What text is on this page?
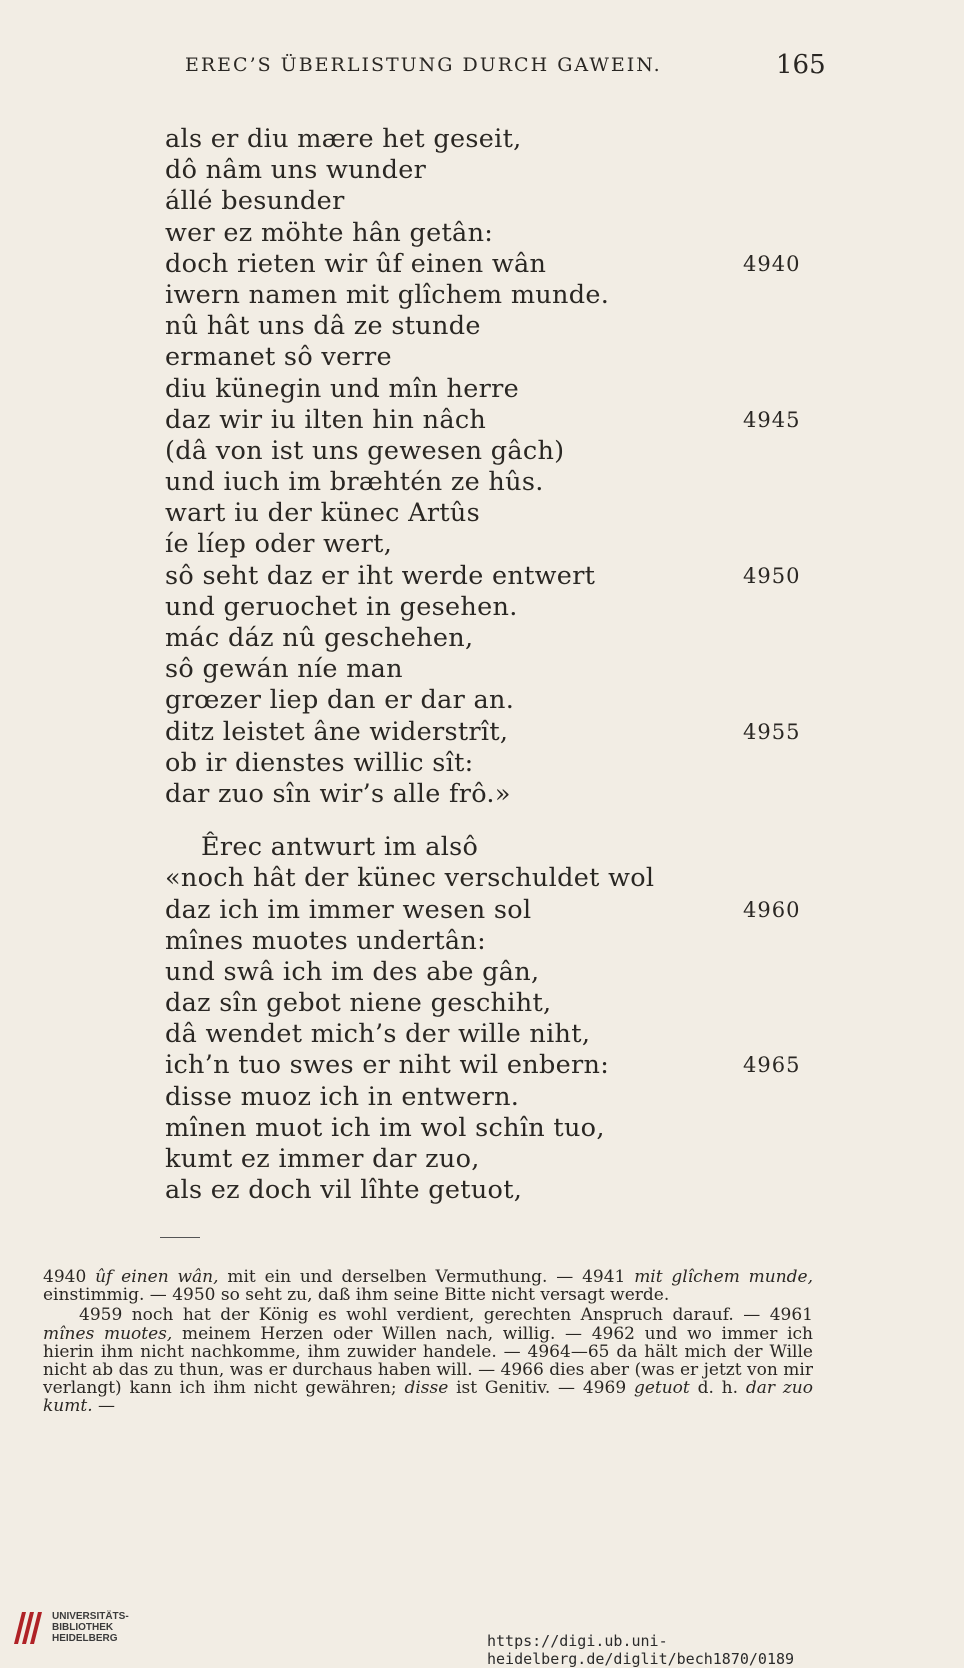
EREC’S ÜBERLISTUNG DURCH GAWEIN.	165
als er diu mære het geseit,
dô nâm uns wunder
állé besunder
wer ez möhte hân getân:
doch rieten wir ûf einen wân	4940
iwern namen mit glîchem munde.
nû hât uns dâ ze stunde
ermanet sô verre
diu künegin und mîn herre
daz wir iu ilten hin nâch	4945
(dâ von ist uns gewesen gâch)
und iuch im bræhtén ze hûs.
wart iu der künec Artûs
íe líep oder wert,
sô seht daz er iht werde entwert	4950
und geruochet in gesehen.
mác dáz nû geschehen,
sô gewán níe man
grœzer liep dan er dar an.
ditz leistet âne widerstrît,	4955
ob ir dienstes willic sît:
dar zuo sîn wir’s alle frô.»
Êrec antwurt im alsô
«noch hât der künec verschuldet wol
daz ich im immer wesen sol	4960
mînes muotes undertân:
und swâ ich im des abe gân,
daz sîn gebot niene geschiht,
dâ wendet mich’s der wille niht,
ich’n tuo swes er niht wil enbern:	4965
disse muoz ich in entwern.
mînen muot ich im wol schîn tuo,
kumt ez immer dar zuo,
als ez doch vil lîhte getuot,

4940 ûf einen wân, mit ein und derselben Vermuthung. — 4941 mit glîchem munde, einstimmig. — 4950 so seht zu, daß ihm seine Bitte nicht versagt werde.

4959 noch hat der König es wohl verdient, gerechten Anspruch darauf. — 4961 mînes muotes, meinem Herzen oder Willen nach, willig. — 4962 und wo immer ich hierin ihm nicht nachkomme, ihm zuwider handele. — 4964—65 da hält mich der Wille nicht ab das zu thun, was er durchaus haben will. — 4966 dies aber (was er jetzt von mir verlangt) kann ich ihm nicht gewähren; disse ist Genitiv. — 4969 getuot d. h. dar zuo kumt. —

UNIVERSITÄTS-
BIBLIOTHEK
HEIDELBERG	https://digi.ub.uni-heidelberg.de/diglit/bech1870/0189
